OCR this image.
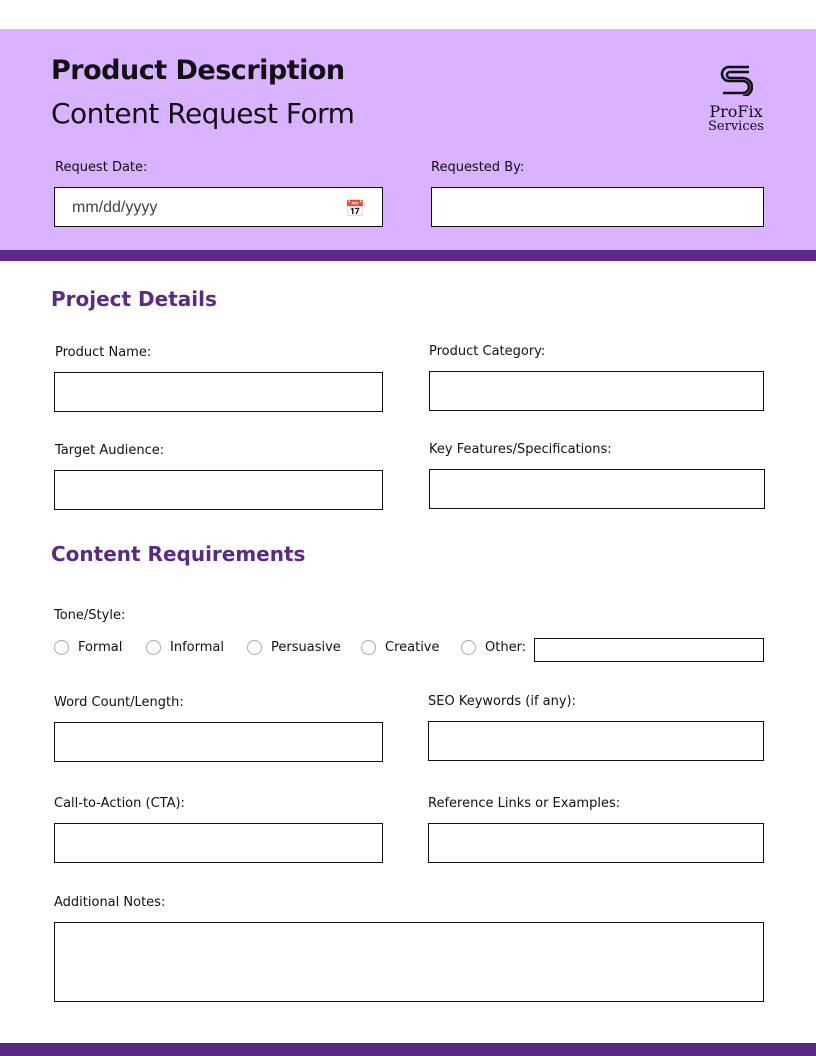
Product Description
Content Request Form	ProFix
Services
Request Date:
mm/dd/yyyy	📅
Requested By:
Project Details
Product Name:	Product Category:
Target Audience:	Key Features/Specifications:
Content Requirements
Tone/Style:
Formal	Informal	Persuasive	Creative	Other:
Word Count/Length:	SEO Keywords (if any):
Call-to-Action (CTA):	Reference Links or Examples:
Additional Notes:
